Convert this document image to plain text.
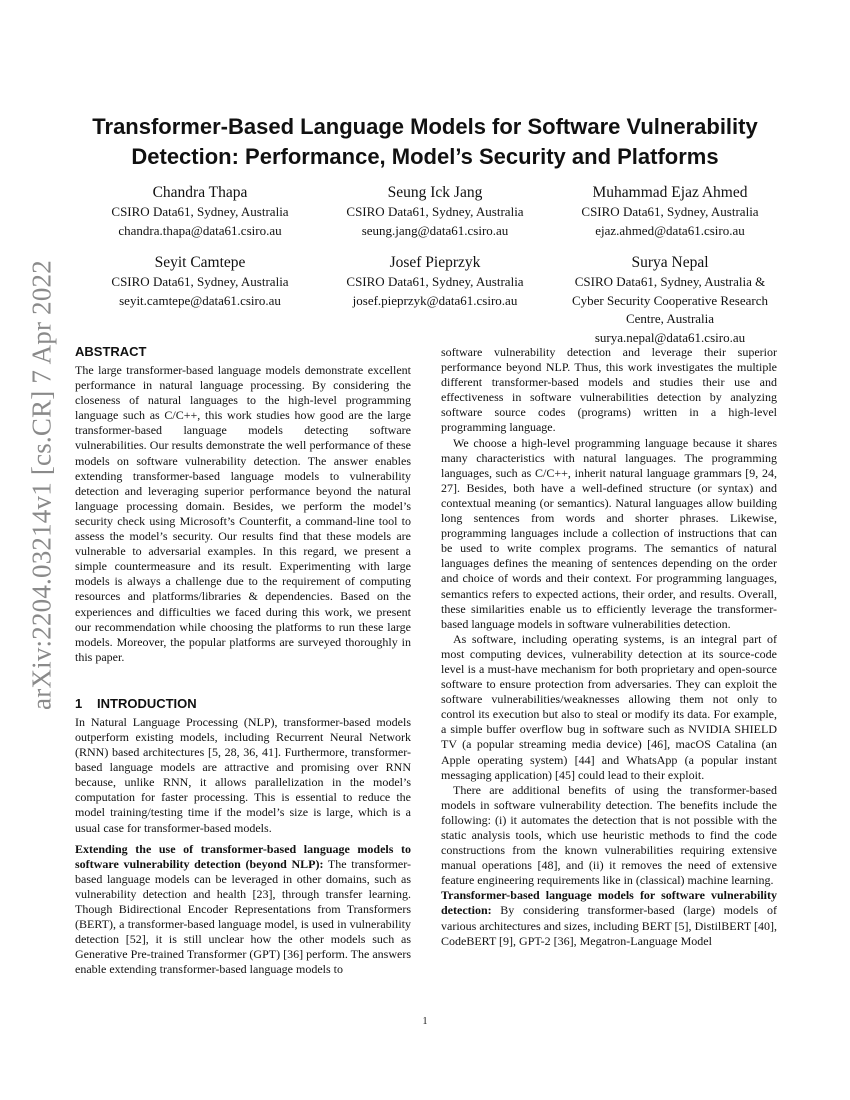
arXiv:2204.03214v1 [cs.CR] 7 Apr 2022
Transformer-Based Language Models for Software Vulnerability
Detection: Performance, Model’s Security and Platforms
Chandra Thapa
CSIRO Data61, Sydney, Australia
chandra.thapa@data61.csiro.au
Seung Ick Jang
CSIRO Data61, Sydney, Australia
seung.jang@data61.csiro.au
Muhammad Ejaz Ahmed
CSIRO Data61, Sydney, Australia
ejaz.ahmed@data61.csiro.au
Seyit Camtepe
CSIRO Data61, Sydney, Australia
seyit.camtepe@data61.csiro.au
Josef Pieprzyk
CSIRO Data61, Sydney, Australia
josef.pieprzyk@data61.csiro.au
Surya Nepal
CSIRO Data61, Sydney, Australia &
Cyber Security Cooperative Research
Centre, Australia
surya.nepal@data61.csiro.au
ABSTRACT

The large transformer-based language models demonstrate excellent performance in natural language processing. By considering the closeness of natural languages to the high-level programming language such as C/C++, this work studies how good are the large transformer-based language models detecting software vulnerabilities. Our results demonstrate the well performance of these models on software vulnerability detection. The answer enables extending transformer-based language models to vulnerability detection and leveraging superior performance beyond the natural language processing domain. Besides, we perform the model’s security check using Microsoft’s Counterfit, a command-line tool to assess the model’s security. Our results find that these models are vulnerable to adversarial examples. In this regard, we present a simple countermeasure and its result. Experimenting with large models is always a challenge due to the requirement of computing resources and platforms/libraries & dependencies. Based on the experiences and difficulties we faced during this work, we present our recommendation while choosing the platforms to run these large models. Moreover, the popular platforms are surveyed thoroughly in this paper.

1 INTRODUCTION

In Natural Language Processing (NLP), transformer-based models outperform existing models, including Recurrent Neural Network (RNN) based architectures [5, 28, 36, 41]. Furthermore, transformer-based language models are attractive and promising over RNN because, unlike RNN, it allows parallelization in the model’s computation for faster processing. This is essential to reduce the model training/testing time if the model’s size is large, which is a usual case for transformer-based models.

Extending the use of transformer-based language models to software vulnerability detection (beyond NLP): The transformer-based language models can be leveraged in other domains, such as vulnerability detection and health [23], through transfer learning. Though Bidirectional Encoder Representations from Transformers (BERT), a transformer-based language model, is used in vulnerability detection [52], it is still unclear how the other models such as Generative Pre-trained Transformer (GPT) [36] perform. The answers enable extending transformer-based language models to

software vulnerability detection and leverage their superior performance beyond NLP. Thus, this work investigates the multiple different transformer-based models and studies their use and effectiveness in software vulnerabilities detection by analyzing software source codes (programs) written in a high-level programming language.

We choose a high-level programming language because it shares many characteristics with natural languages. The programming languages, such as C/C++, inherit natural language grammars [9, 24, 27]. Besides, both have a well-defined structure (or syntax) and contextual meaning (or semantics). Natural languages allow building long sentences from words and shorter phrases. Likewise, programming languages include a collection of instructions that can be used to write complex programs. The semantics of natural languages defines the meaning of sentences depending on the order and choice of words and their context. For programming languages, semantics refers to expected actions, their order, and results. Overall, these similarities enable us to efficiently leverage the transformer-based language models in software vulnerabilities detection.

As software, including operating systems, is an integral part of most computing devices, vulnerability detection at its source-code level is a must-have mechanism for both proprietary and open-source software to ensure protection from adversaries. They can exploit the software vulnerabilities/weaknesses allowing them not only to control its execution but also to steal or modify its data. For example, a simple buffer overflow bug in software such as NVIDIA SHIELD TV (a popular streaming media device) [46], macOS Catalina (an Apple operating system) [44] and WhatsApp (a popular instant messaging application) [45] could lead to their exploit.

There are additional benefits of using the transformer-based models in software vulnerability detection. The benefits include the following: (i) it automates the detection that is not possible with the static analysis tools, which use heuristic methods to find the code constructions from the known vulnerabilities requiring extensive manual operations [48], and (ii) it removes the need of extensive feature engineering requirements like in (classical) machine learning.

Transformer-based language models for software vulnerability detection: By considering transformer-based (large) models of various architectures and sizes, including BERT [5], DistilBERT [40], CodeBERT [9], GPT-2 [36], Megatron-Language Model

1
